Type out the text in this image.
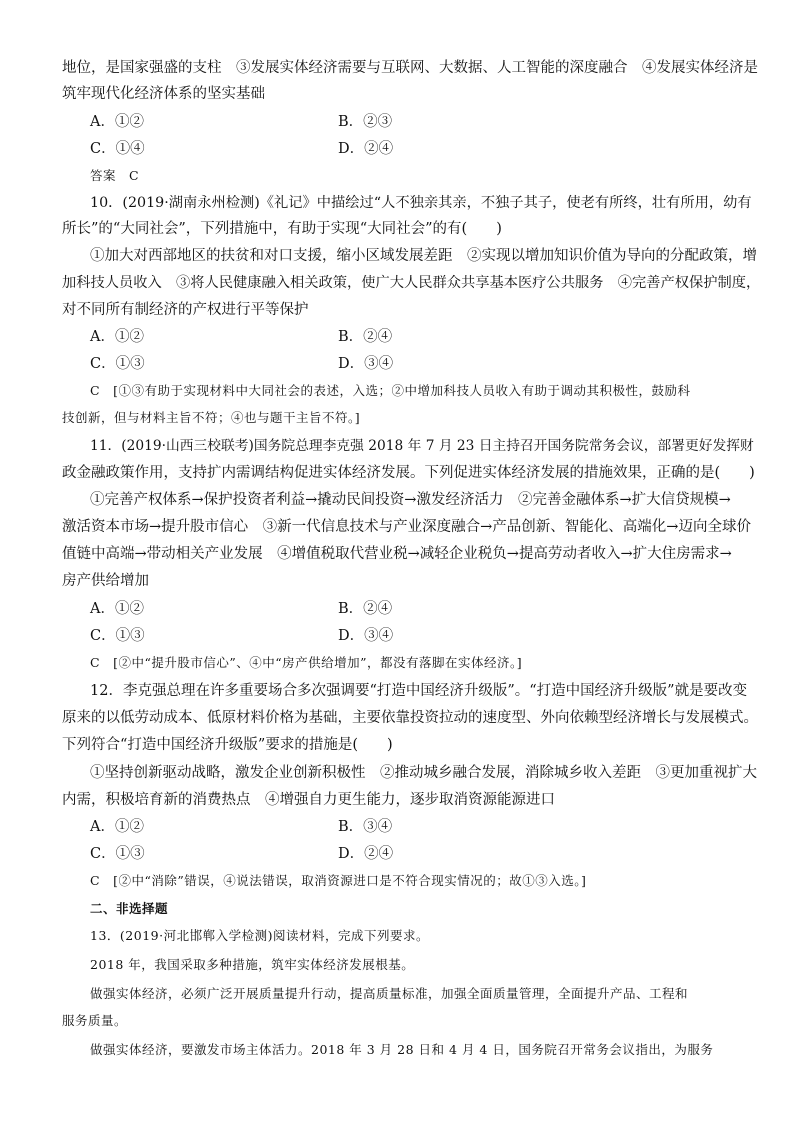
地位，是国家强盛的支柱　③发展实体经济需要与互联网、大数据、人工智能的深度融合　④发展实体经济是
筑牢现代化经济体系的坚实基础
A．①②	B．②③
C．①④	D．②④
答案　C
10．(2019·湖南永州检测)《礼记》中描绘过“人不独亲其亲，不独子其子，使老有所终，壮有所用，幼有
所长”的“大同社会”，下列措施中，有助于实现“大同社会”的有(　　)
①加大对西部地区的扶贫和对口支援，缩小区域发展差距　②实现以增加知识价值为导向的分配政策，增
加科技人员收入　③将人民健康融入相关政策，使广大人民群众共享基本医疗公共服务　④完善产权保护制度，
对不同所有制经济的产权进行平等保护
A．①②	B．②④
C．①③	D．③④
C　[①③有助于实现材料中大同社会的表述，入选；②中增加科技人员收入有助于调动其积极性，鼓励科
技创新，但与材料主旨不符；④也与题干主旨不符。]
11．(2019·山西三校联考)国务院总理李克强 2018 年 7 月 23 日主持召开国务院常务会议，部署更好发挥财
政金融政策作用，支持扩内需调结构促进实体经济发展。下列促进实体经济发展的措施效果，正确的是(　　)
①完善产权体系→保护投资者利益→撬动民间投资→激发经济活力　②完善金融体系→扩大信贷规模→
激活资本市场→提升股市信心　③新一代信息技术与产业深度融合→产品创新、智能化、高端化→迈向全球价
值链中高端→带动相关产业发展　④增值税取代营业税→减轻企业税负→提高劳动者收入→扩大住房需求→
房产供给增加
A．①②	B．②④
C．①③	D．③④
C　[②中“提升股市信心”、④中“房产供给增加”，都没有落脚在实体经济。]
12．李克强总理在许多重要场合多次强调要“打造中国经济升级版”。“打造中国经济升级版”就是要改变
原来的以低劳动成本、低原材料价格为基础，主要依靠投资拉动的速度型、外向依赖型经济增长与发展模式。
下列符合“打造中国经济升级版”要求的措施是(　　)
①坚持创新驱动战略，激发企业创新积极性　②推动城乡融合发展，消除城乡收入差距　③更加重视扩大
内需，积极培育新的消费热点　④增强自力更生能力，逐步取消资源能源进口
A．①②	B．③④
C．①③	D．②④
C　[②中“消除”错误，④说法错误，取消资源进口是不符合现实情况的；故①③入选。]
二、非选择题
13．(2019·河北邯郸入学检测)阅读材料，完成下列要求。
2018 年，我国采取多种措施，筑牢实体经济发展根基。
做强实体经济，必须广泛开展质量提升行动，提高质量标准，加强全面质量管理，全面提升产品、工程和
服务质量。
做强实体经济，要激发市场主体活力。2018 年 3 月 28 日和 4 月 4 日，国务院召开常务会议指出，为服务
